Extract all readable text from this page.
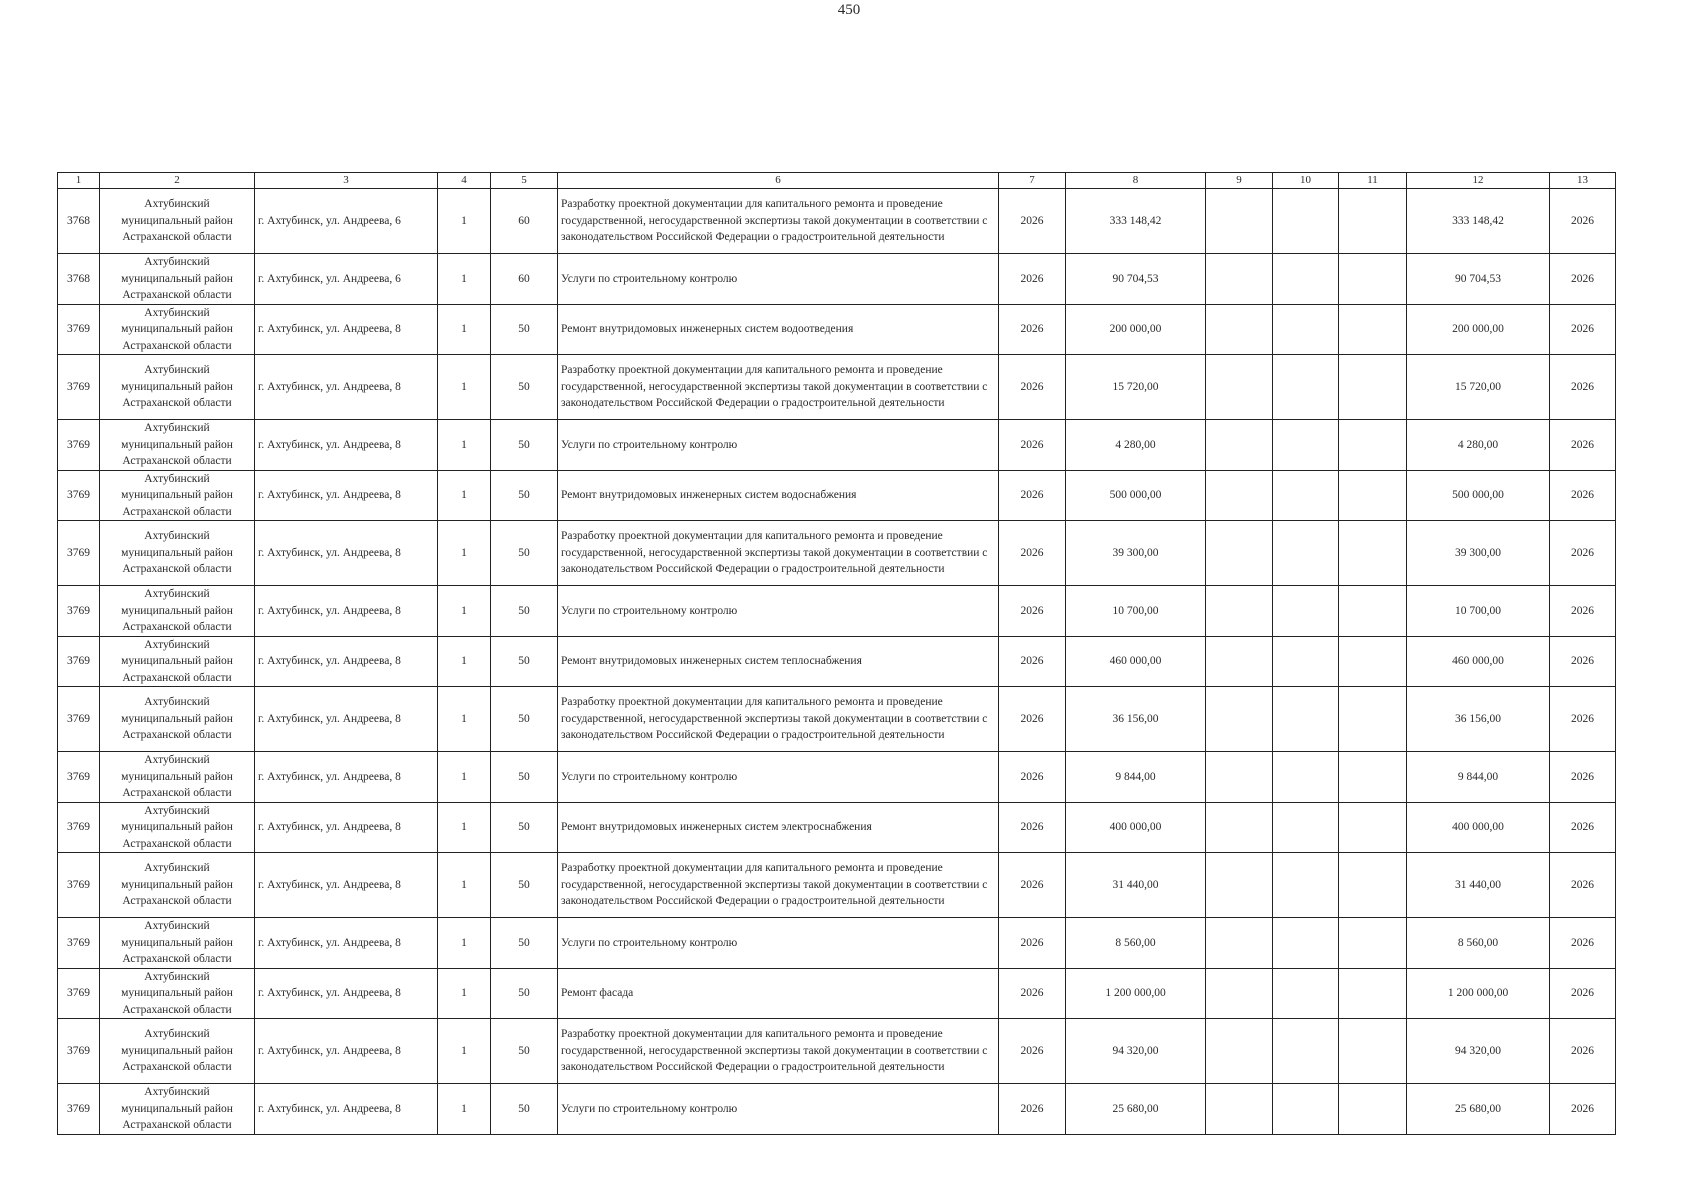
450
1	2	3	4	5	6	7	8	9	10	11	12	13
3768	Ахтубинский муниципальный район Астраханской области	г. Ахтубинск, ул. Андреева, 6	1	60	Разработку проектной документации для капитального ремонта и проведение государственной, негосударственной экспертизы такой документации в соответствии с законодательством Российской Федерации о градостроительной деятельности	2026	333 148,42				333 148,42	2026
3768	Ахтубинский муниципальный район Астраханской области	г. Ахтубинск, ул. Андреева, 6	1	60	Услуги по строительному контролю	2026	90 704,53				90 704,53	2026
3769	Ахтубинский муниципальный район Астраханской области	г. Ахтубинск, ул. Андреева, 8	1	50	Ремонт внутридомовых инженерных систем водоотведения	2026	200 000,00				200 000,00	2026
3769	Ахтубинский муниципальный район Астраханской области	г. Ахтубинск, ул. Андреева, 8	1	50	Разработку проектной документации для капитального ремонта и проведение государственной, негосударственной экспертизы такой документации в соответствии с законодательством Российской Федерации о градостроительной деятельности	2026	15 720,00				15 720,00	2026
3769	Ахтубинский муниципальный район Астраханской области	г. Ахтубинск, ул. Андреева, 8	1	50	Услуги по строительному контролю	2026	4 280,00				4 280,00	2026
3769	Ахтубинский муниципальный район Астраханской области	г. Ахтубинск, ул. Андреева, 8	1	50	Ремонт внутридомовых инженерных систем водоснабжения	2026	500 000,00				500 000,00	2026
3769	Ахтубинский муниципальный район Астраханской области	г. Ахтубинск, ул. Андреева, 8	1	50	Разработку проектной документации для капитального ремонта и проведение государственной, негосударственной экспертизы такой документации в соответствии с законодательством Российской Федерации о градостроительной деятельности	2026	39 300,00				39 300,00	2026
3769	Ахтубинский муниципальный район Астраханской области	г. Ахтубинск, ул. Андреева, 8	1	50	Услуги по строительному контролю	2026	10 700,00				10 700,00	2026
3769	Ахтубинский муниципальный район Астраханской области	г. Ахтубинск, ул. Андреева, 8	1	50	Ремонт внутридомовых инженерных систем теплоснабжения	2026	460 000,00				460 000,00	2026
3769	Ахтубинский муниципальный район Астраханской области	г. Ахтубинск, ул. Андреева, 8	1	50	Разработку проектной документации для капитального ремонта и проведение государственной, негосударственной экспертизы такой документации в соответствии с законодательством Российской Федерации о градостроительной деятельности	2026	36 156,00				36 156,00	2026
3769	Ахтубинский муниципальный район Астраханской области	г. Ахтубинск, ул. Андреева, 8	1	50	Услуги по строительному контролю	2026	9 844,00				9 844,00	2026
3769	Ахтубинский муниципальный район Астраханской области	г. Ахтубинск, ул. Андреева, 8	1	50	Ремонт внутридомовых инженерных систем электроснабжения	2026	400 000,00				400 000,00	2026
3769	Ахтубинский муниципальный район Астраханской области	г. Ахтубинск, ул. Андреева, 8	1	50	Разработку проектной документации для капитального ремонта и проведение государственной, негосударственной экспертизы такой документации в соответствии с законодательством Российской Федерации о градостроительной деятельности	2026	31 440,00				31 440,00	2026
3769	Ахтубинский муниципальный район Астраханской области	г. Ахтубинск, ул. Андреева, 8	1	50	Услуги по строительному контролю	2026	8 560,00				8 560,00	2026
3769	Ахтубинский муниципальный район Астраханской области	г. Ахтубинск, ул. Андреева, 8	1	50	Ремонт фасада	2026	1 200 000,00				1 200 000,00	2026
3769	Ахтубинский муниципальный район Астраханской области	г. Ахтубинск, ул. Андреева, 8	1	50	Разработку проектной документации для капитального ремонта и проведение государственной, негосударственной экспертизы такой документации в соответствии с законодательством Российской Федерации о градостроительной деятельности	2026	94 320,00				94 320,00	2026
3769	Ахтубинский муниципальный район Астраханской области	г. Ахтубинск, ул. Андреева, 8	1	50	Услуги по строительному контролю	2026	25 680,00				25 680,00	2026
